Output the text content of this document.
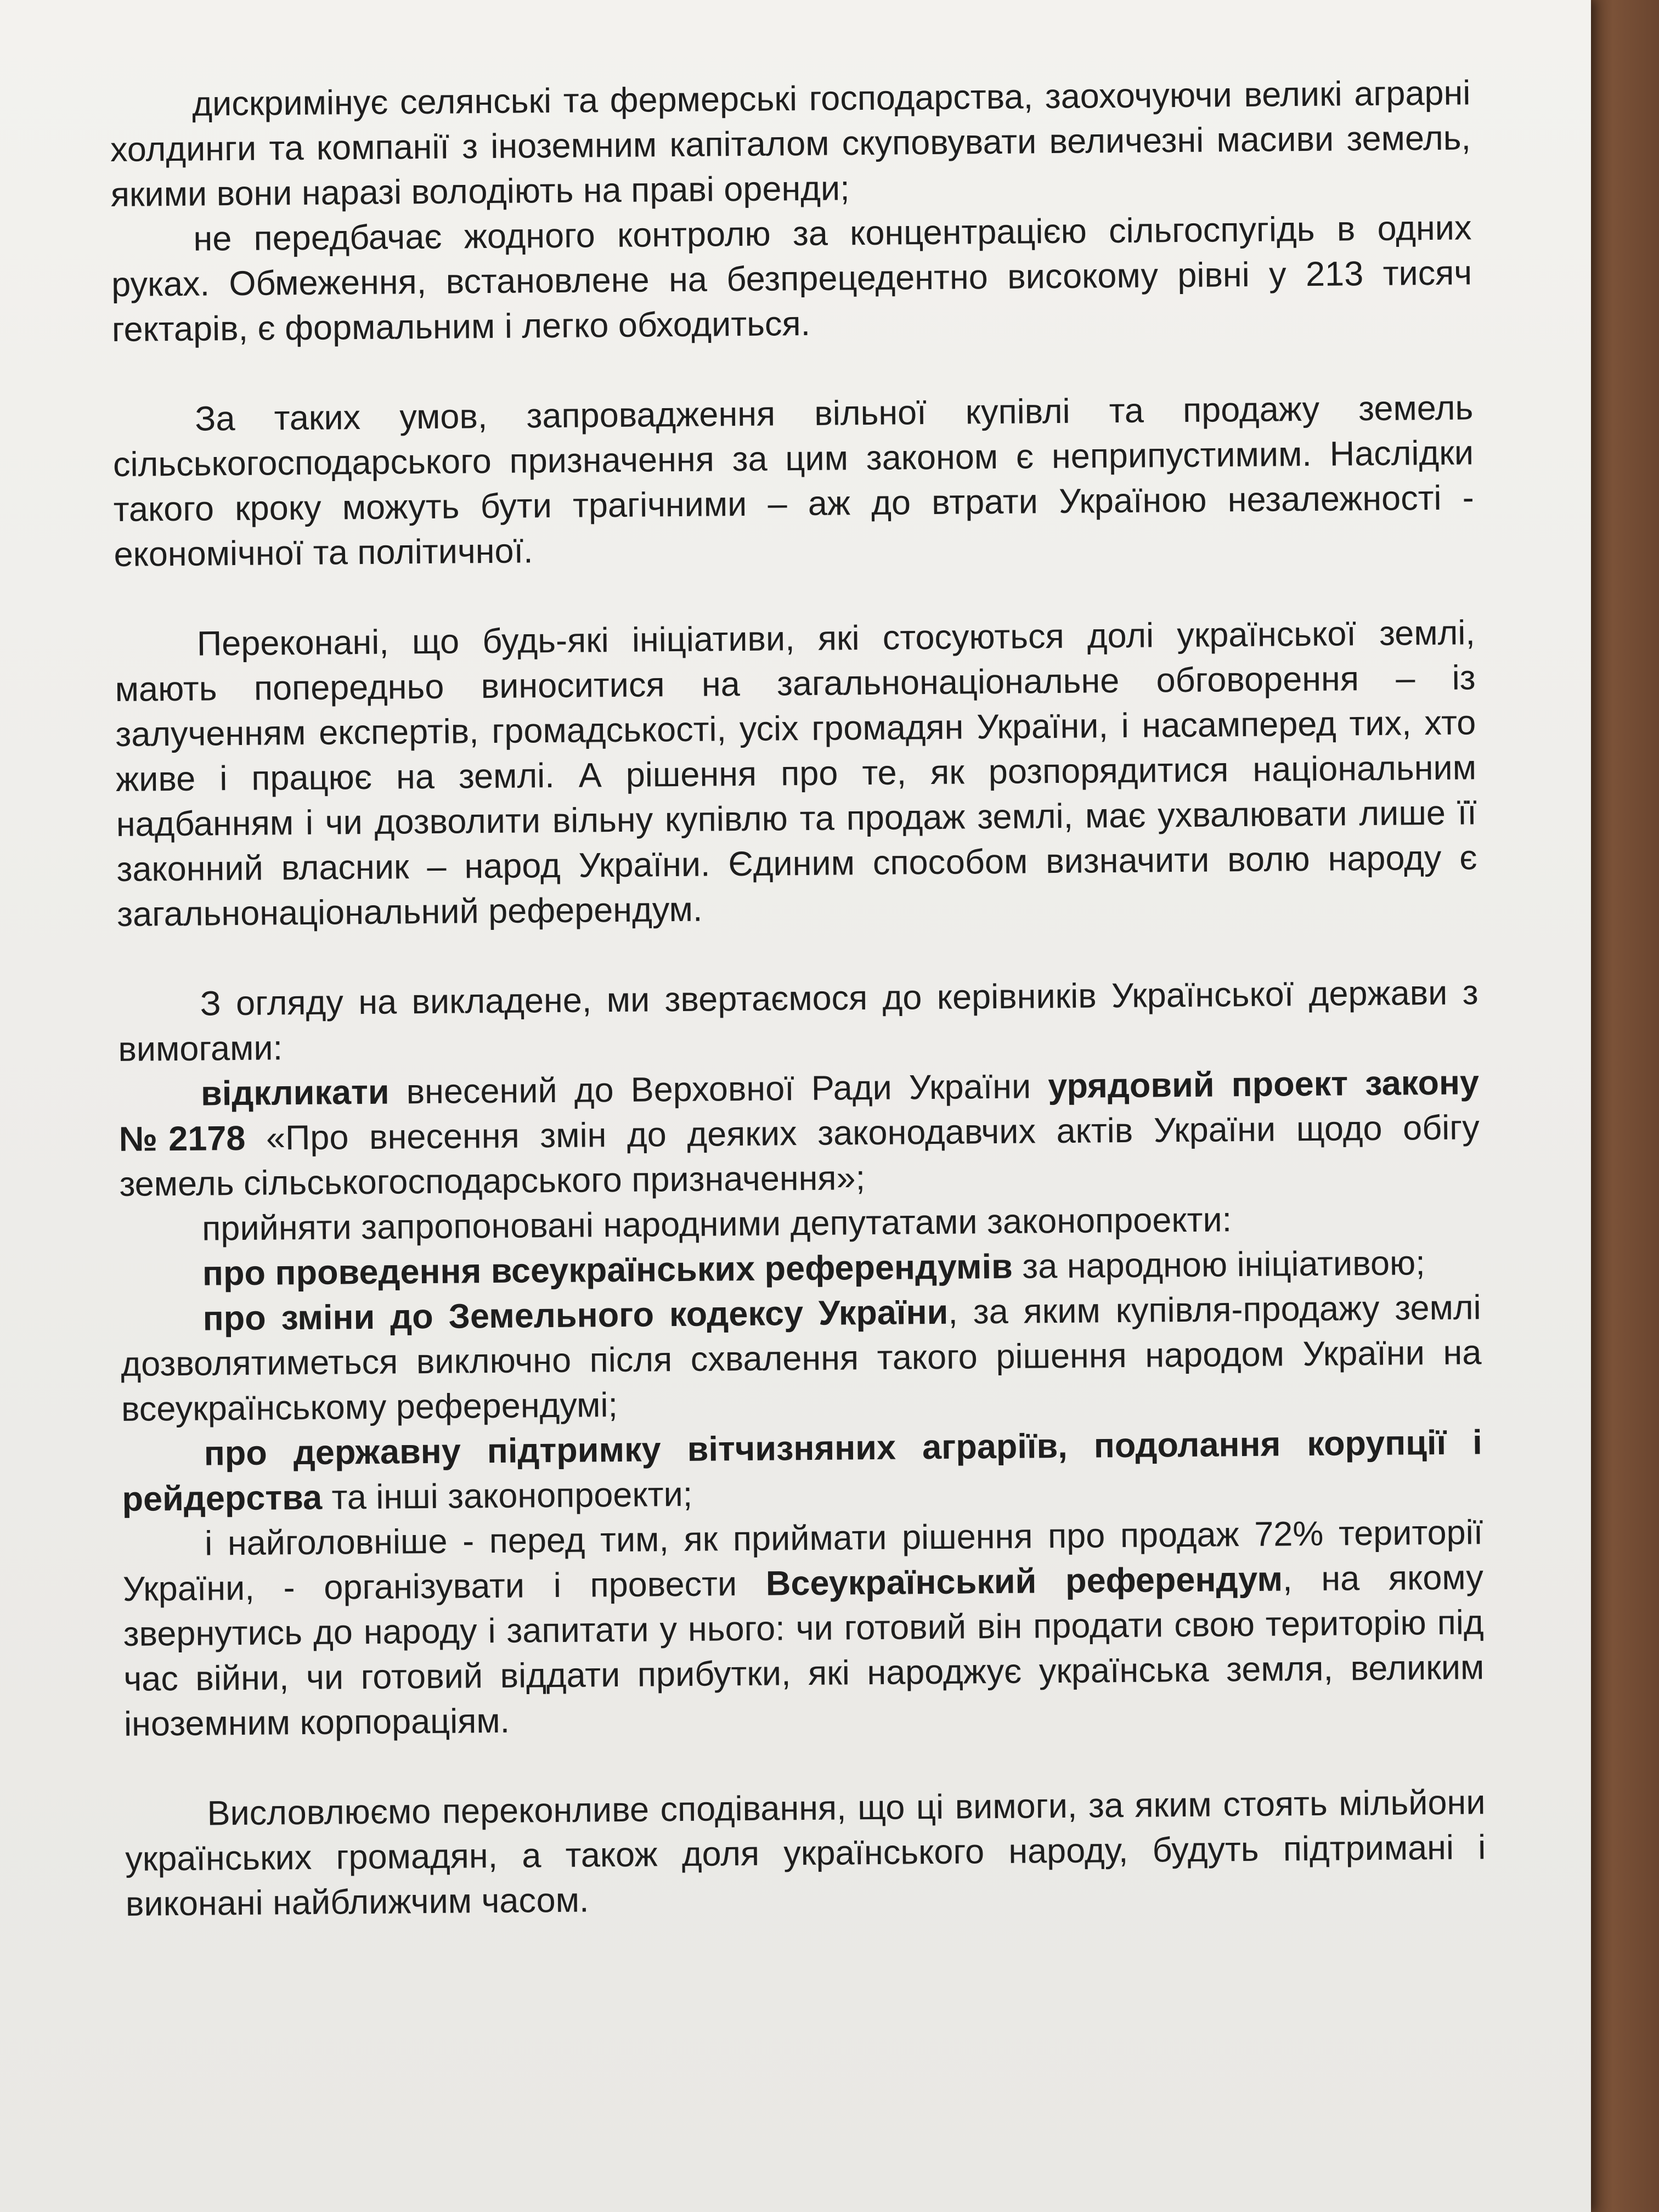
дискримінує селянські та фермерські господарства, заохочуючи великі аграрні холдинги та компанії з іноземним капіталом скуповувати величезні масиви земель, якими вони наразі володіють на праві оренди;

не передбачає жодного контролю за концентрацією сільгоспугідь в одних руках. Обмеження, встановлене на безпрецедентно високому рівні у 213 тисяч гектарів, є формальним і легко обходиться.

За таких умов, запровадження вільної купівлі та продажу земель сільськогосподарського призначення за цим законом є неприпустимим. Наслідки такого кроку можуть бути трагічними – аж до втрати Україною незалежності - економічної та політичної.

Переконані, що будь-які ініціативи, які стосуються долі української землі, мають попередньо виноситися на загальнонаціональне обговорення – із залученням експертів, громадськості, усіх громадян України, і насамперед тих, хто живе і працює на землі. А рішення про те, як розпорядитися національним надбанням і чи дозволити вільну купівлю та продаж землі, має ухвалювати лише її законний власник – народ України. Єдиним способом визначити волю народу є загальнонаціональний референдум.

З огляду на викладене, ми звертаємося до керівників Української держави з вимогами:

відкликати внесений до Верховної Ради України урядовий проект закону №2178 «Про внесення змін до деяких законодавчих актів України щодо обігу земель сільськогосподарського призначення»;

прийняти запропоновані народними депутатами законопроекти:

про проведення всеукраїнських референдумів за народною ініціативою;

про зміни до Земельного кодексу України, за яким купівля-продажу землі дозволятиметься виключно після схвалення такого рішення народом України на всеукраїнському референдумі;

про державну підтримку вітчизняних аграріїв, подолання корупції і рейдерства та інші законопроекти;

і найголовніше - перед тим, як приймати рішення про продаж 72% території України, - організувати і провести Всеукраїнський референдум, на якому звернутись до народу і запитати у нього: чи готовий він продати свою територію під час війни, чи готовий віддати прибутки, які народжує українська земля, великим іноземним корпораціям.

Висловлюємо переконливе сподівання, що ці вимоги, за яким стоять мільйони українських громадян, а також доля українського народу, будуть підтримані і виконані найближчим часом.
